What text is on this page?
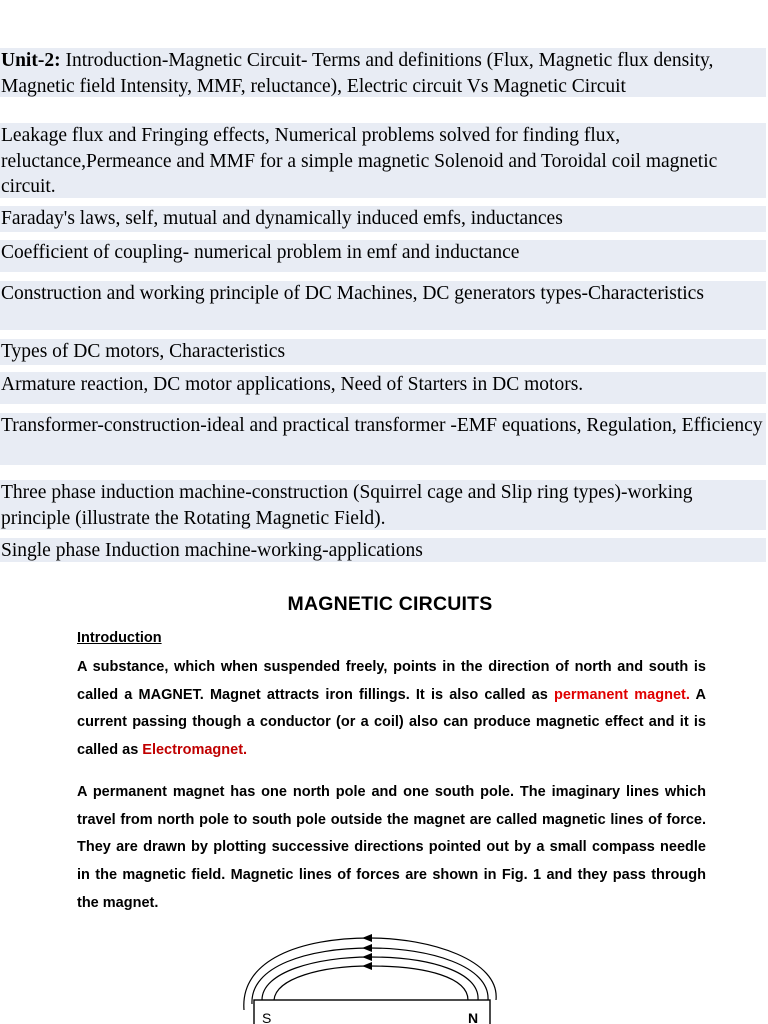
Unit-2: Introduction-Magnetic Circuit- Terms and definitions (Flux, Magnetic flux density, Magnetic field Intensity, MMF, reluctance), Electric circuit Vs Magnetic Circuit
Leakage flux and Fringing effects, Numerical problems solved for finding flux, reluctance,Permeance and MMF for a simple magnetic Solenoid and Toroidal coil magnetic circuit.
Faraday's laws, self, mutual and dynamically induced emfs, inductances
Coefficient of coupling- numerical problem in emf and inductance
Construction and working principle of DC Machines, DC generators types-Characteristics
Types of DC motors, Characteristics
Armature reaction, DC motor applications, Need of Starters in DC motors.
Transformer-construction-ideal and practical transformer -EMF equations, Regulation, Efficiency
Three phase induction machine-construction (Squirrel cage and Slip ring types)-working principle (illustrate the Rotating Magnetic Field).
Single phase Induction machine-working-applications
MAGNETIC CIRCUITS
Introduction
A substance, which when suspended freely, points in the direction of north and south is called a MAGNET. Magnet attracts iron fillings. It is also called as permanent magnet. A current passing though a conductor (or a coil) also can produce magnetic effect and it is called as Electromagnet.
A permanent magnet has one north pole and one south pole. The imaginary lines which travel from north pole to south pole outside the magnet are called magnetic lines of force. They are drawn by plotting successive directions pointed out by a small compass needle in the magnetic field. Magnetic lines of forces are shown in Fig. 1 and they pass through the magnet.
S	N
